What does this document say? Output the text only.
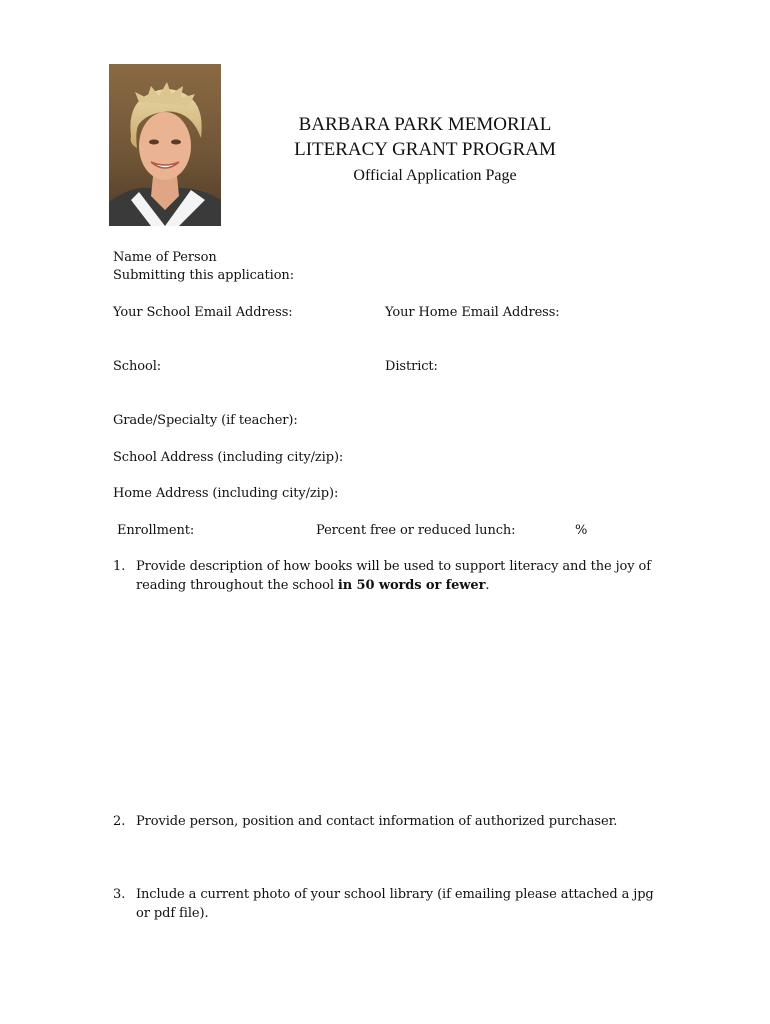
BARBARA PARK MEMORIAL
LITERACY GRANT PROGRAM
Official Application Page
Name of Person
Submitting this application:
Your School Email Address:	Your Home Email Address:
School:	District:
Grade/Specialty (if teacher):
School Address (including city/zip):
Home Address (including city/zip):
Enrollment:	Percent free or reduced lunch:	%
1. Provide description of how books will be used to support literacy and the joy of reading throughout the school in 50 words or fewer.
2. Provide person, position and contact information of authorized purchaser.
3. Include a current photo of your school library (if emailing please attached a jpg or pdf file).
